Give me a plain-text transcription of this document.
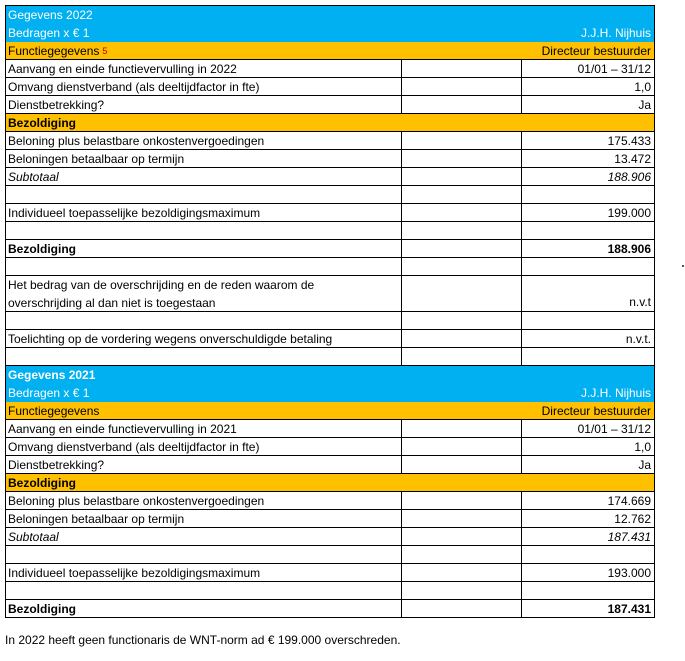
Gegevens 2022
Bedragen x € 1	J.J.H. Nijhuis
Functiegegevens $^5$	Directeur bestuurder
Aanvang en einde functievervulling in 2022	01/01 – 31/12
Omvang dienstverband (als deeltijdfactor in fte)	1,0
Dienstbetrekking?	Ja
Bezoldiging
Beloning plus belastbare onkostenvergoedingen	175.433
Beloningen betaalbaar op termijn	13.472
Subtotaal	188.906
Individueel toepasselijke bezoldigingsmaximum	199.000
Bezoldiging	188.906
Het bedrag van de overschrijding en de reden waarom de
overschrijding al dan niet is toegestaan	n.v.t
Toelichting op de vordering wegens onverschuldigde betaling	n.v.t.
Gegevens 2021
Bedragen x € 1	J.J.H. Nijhuis
Functiegegevens	Directeur bestuurder
Aanvang en einde functievervulling in 2021	01/01 – 31/12
Omvang dienstverband (als deeltijdfactor in fte)	1,0
Dienstbetrekking?	Ja
Bezoldiging
Beloning plus belastbare onkostenvergoedingen	174.669
Beloningen betaalbaar op termijn	12.762
Subtotaal	187.431
Individueel toepasselijke bezoldigingsmaximum	193.000
Bezoldiging	187.431
In 2022 heeft geen functionaris de WNT-norm ad € 199.000 overschreden.
